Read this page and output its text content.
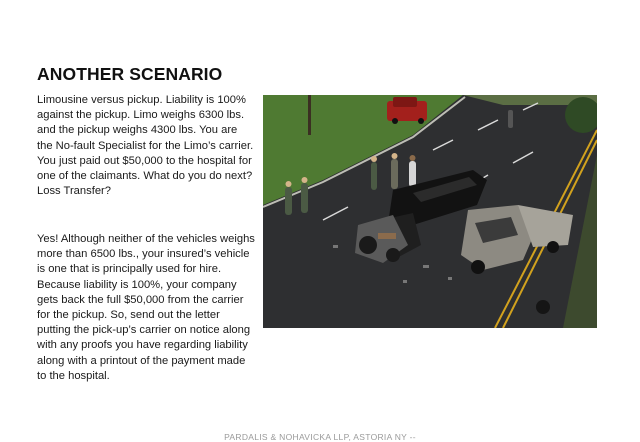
ANOTHER SCENARIO

Limousine versus pickup. Liability is 100% against the pickup. Limo weighs 6300 lbs. and the pickup weighs 4300 lbs. You are the No-fault Specialist for the Limo’s carrier. You just paid out $50,000 to the hospital for one of the claimants. What do you do next? Loss Transfer?

Yes! Although neither of the vehicles weighs more than 6500 lbs., your insured’s vehicle is one that is principally used for hire. Because liability is 100%, your company gets back the full $50,000 from the carrier for the pickup. So, send out the letter putting the pick-up’s carrier on notice along with any proofs you have regarding liability along with a printout of the payment made to the hospital.

PARDALIS & NOHAVICKA LLP, ASTORIA NY --
